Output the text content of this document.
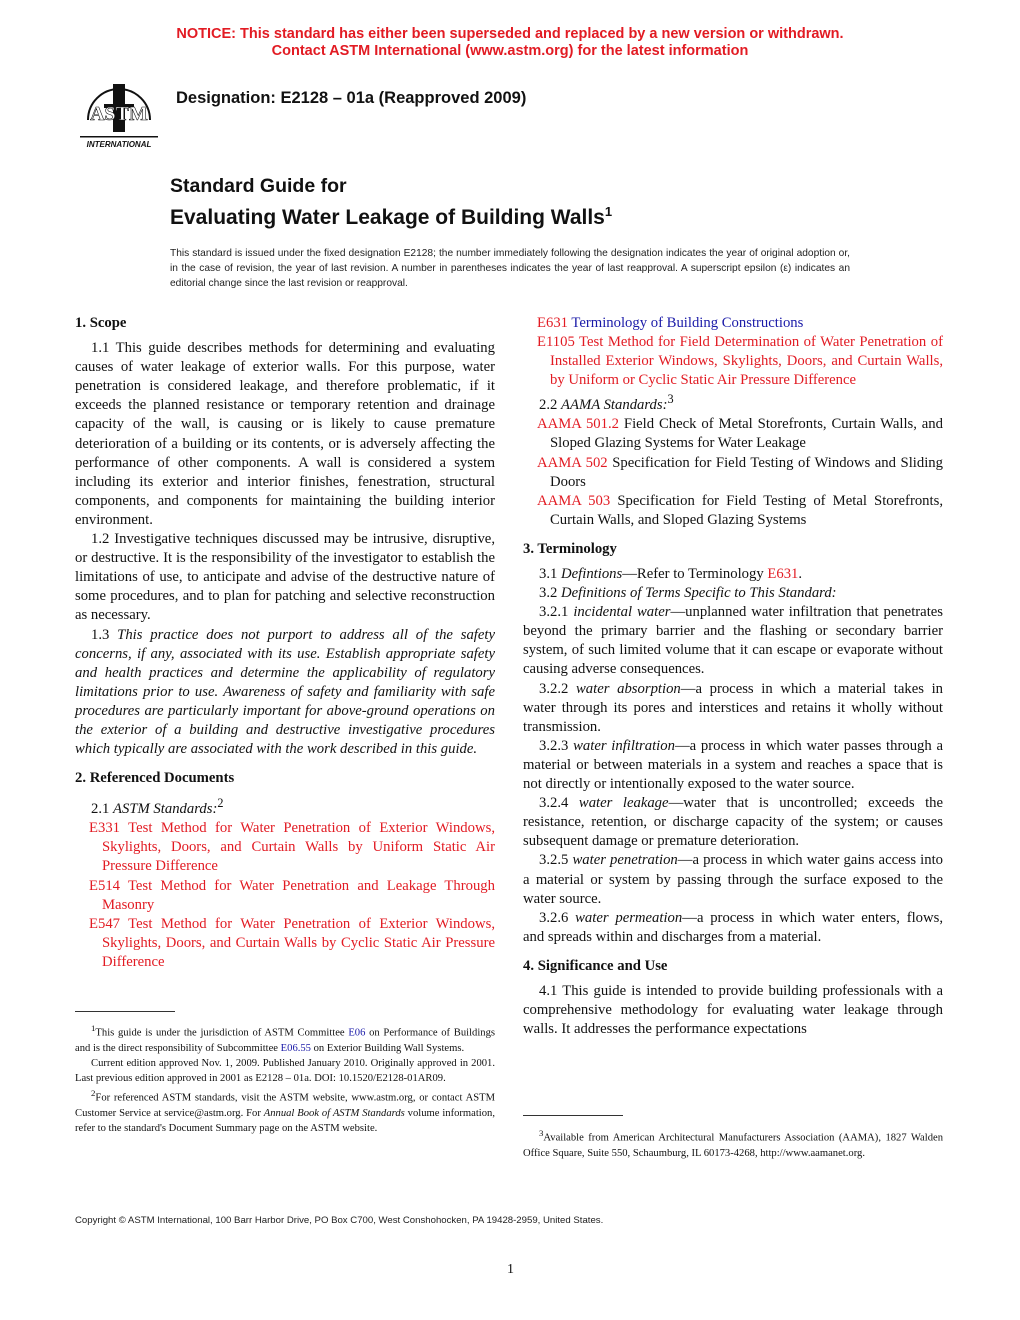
NOTICE: This standard has either been superseded and replaced by a new version or withdrawn.
Contact ASTM International (www.astm.org) for the latest information
ASTM
INTERNATIONAL
Designation: E2128 – 01a (Reapproved 2009)
Standard Guide for
Evaluating Water Leakage of Building Walls$^1$
This standard is issued under the fixed designation E2128; the number immediately following the designation indicates the year of original adoption or, in the case of revision, the year of last revision. A number in parentheses indicates the year of last reapproval. A superscript epsilon (ε) indicates an editorial change since the last revision or reapproval.

1. Scope

1.1 This guide describes methods for determining and evaluating causes of water leakage of exterior walls. For this purpose, water penetration is considered leakage, and therefore problematic, if it exceeds the planned resistance or temporary retention and drainage capacity of the wall, is causing or is likely to cause premature deterioration of a building or its contents, or is adversely affecting the performance of other components. A wall is considered a system including its exterior and interior finishes, fenestration, structural components, and components for maintaining the building interior environment.

1.2 Investigative techniques discussed may be intrusive, disruptive, or destructive. It is the responsibility of the investigator to establish the limitations of use, to anticipate and advise of the destructive nature of some procedures, and to plan for patching and selective reconstruction as necessary.

1.3 This practice does not purport to address all of the safety concerns, if any, associated with its use. Establish appropriate safety and health practices and determine the applicability of regulatory limitations prior to use. Awareness of safety and familiarity with safe procedures are particularly important for above-ground operations on the exterior of a building and destructive investigative procedures which typically are associated with the work described in this guide.

2. Referenced Documents

2.1 ASTM Standards:$^2$

E331 Test Method for Water Penetration of Exterior Windows, Skylights, Doors, and Curtain Walls by Uniform Static Air Pressure Difference

E514 Test Method for Water Penetration and Leakage Through Masonry

E547 Test Method for Water Penetration of Exterior Windows, Skylights, Doors, and Curtain Walls by Cyclic Static Air Pressure Difference

E631 Terminology of Building Constructions

E1105 Test Method for Field Determination of Water Penetration of Installed Exterior Windows, Skylights, Doors, and Curtain Walls, by Uniform or Cyclic Static Air Pressure Difference

2.2 AAMA Standards:$^3$

AAMA 501.2 Field Check of Metal Storefronts, Curtain Walls, and Sloped Glazing Systems for Water Leakage

AAMA 502 Specification for Field Testing of Windows and Sliding Doors

AAMA 503 Specification for Field Testing of Metal Storefronts, Curtain Walls, and Sloped Glazing Systems

3. Terminology

3.1 Defintions—Refer to Terminology E631.

3.2 Definitions of Terms Specific to This Standard:

3.2.1 incidental water—unplanned water infiltration that penetrates beyond the primary barrier and the flashing or secondary barrier system, of such limited volume that it can escape or evaporate without causing adverse consequences.

3.2.2 water absorption—a process in which a material takes in water through its pores and interstices and retains it wholly without transmission.

3.2.3 water infiltration—a process in which water passes through a material or between materials in a system and reaches a space that is not directly or intentionally exposed to the water source.

3.2.4 water leakage—water that is uncontrolled; exceeds the resistance, retention, or discharge capacity of the system; or causes subsequent damage or premature deterioration.

3.2.5 water penetration—a process in which water gains access into a material or system by passing through the surface exposed to the water source.

3.2.6 water permeation—a process in which water enters, flows, and spreads within and discharges from a material.

4. Significance and Use

4.1 This guide is intended to provide building professionals with a comprehensive methodology for evaluating water leakage through walls. It addresses the performance expectations

$^1$This guide is under the jurisdiction of ASTM Committee E06 on Performance of Buildings and is the direct responsibility of Subcommittee E06.55 on Exterior Building Wall Systems.

Current edition approved Nov. 1, 2009. Published January 2010. Originally approved in 2001. Last previous edition approved in 2001 as E2128 – 01a. DOI: 10.1520/E2128-01AR09.

$^2$For referenced ASTM standards, visit the ASTM website, www.astm.org, or contact ASTM Customer Service at service@astm.org. For Annual Book of ASTM Standards volume information, refer to the standard's Document Summary page on the ASTM website.	$^3$Available from American Architectural Manufacturers Association (AAMA), 1827 Walden Office Square, Suite 550, Schaumburg, IL 60173-4268, http://www.aamanet.org.

Copyright © ASTM International, 100 Barr Harbor Drive, PO Box C700, West Conshohocken, PA 19428-2959, United States.
1
